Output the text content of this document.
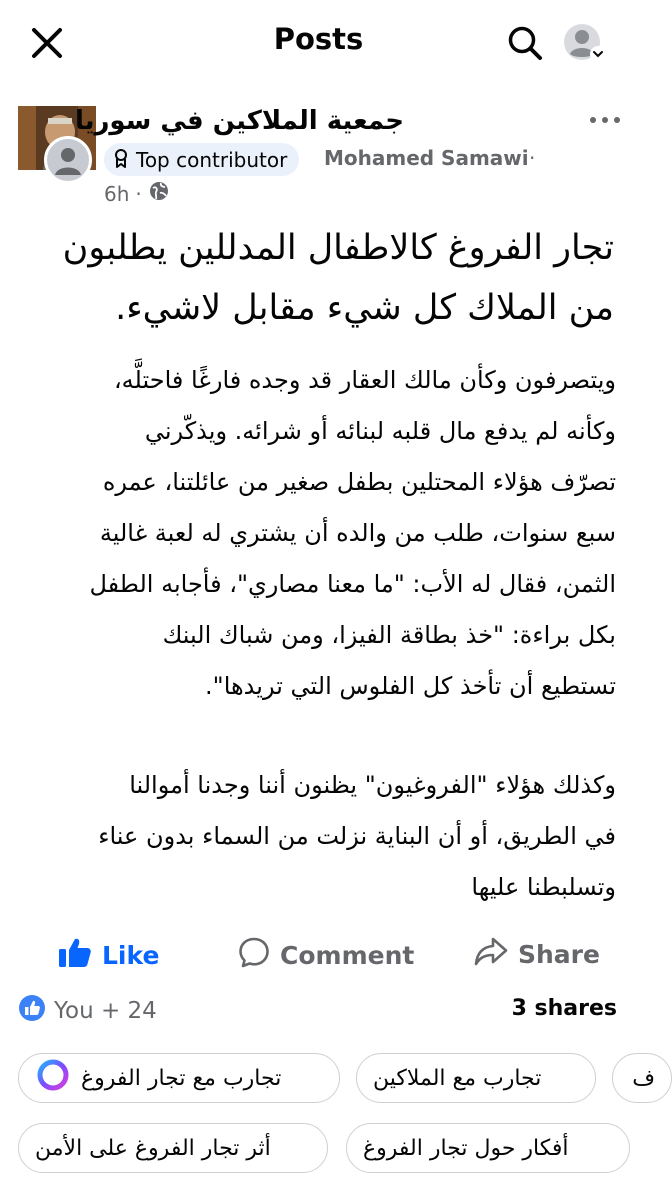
Posts
جمعية الملاكين في سوريا
Top contributor Mohamed Samawi ·
6h ·
تجار الفروغ كالاطفال المدللين يطلبون
من الملاك كل شيء مقابل لاشيء.
ويتصرفون وكأن مالك العقار قد وجده فارغًا فاحتلَّه،
وكأنه لم يدفع مال قلبه لبنائه أو شرائه. ويذكّرني
تصرّف هؤلاء المحتلين بطفل صغير من عائلتنا، عمره
سبع سنوات، طلب من والده أن يشتري له لعبة غالية
الثمن، فقال له الأب: "ما معنا مصاري"، فأجابه الطفل
بكل براءة: "خذ بطاقة الفيزا، ومن شباك البنك
تستطيع أن تأخذ كل الفلوس التي تريدها".
وكذلك هؤلاء "الفروغيون" يظنون أننا وجدنا أموالنا
في الطريق، أو أن البناية نزلت من السماء بدون عناء
وتسلبطنا عليها
Like	Comment	Share
You + 24	3 shares
تجارب مع تجار الفروغ	تجارب مع الملاكين	ف
أثر تجار الفروغ على الأمن	أفكار حول تجار الفروغ
